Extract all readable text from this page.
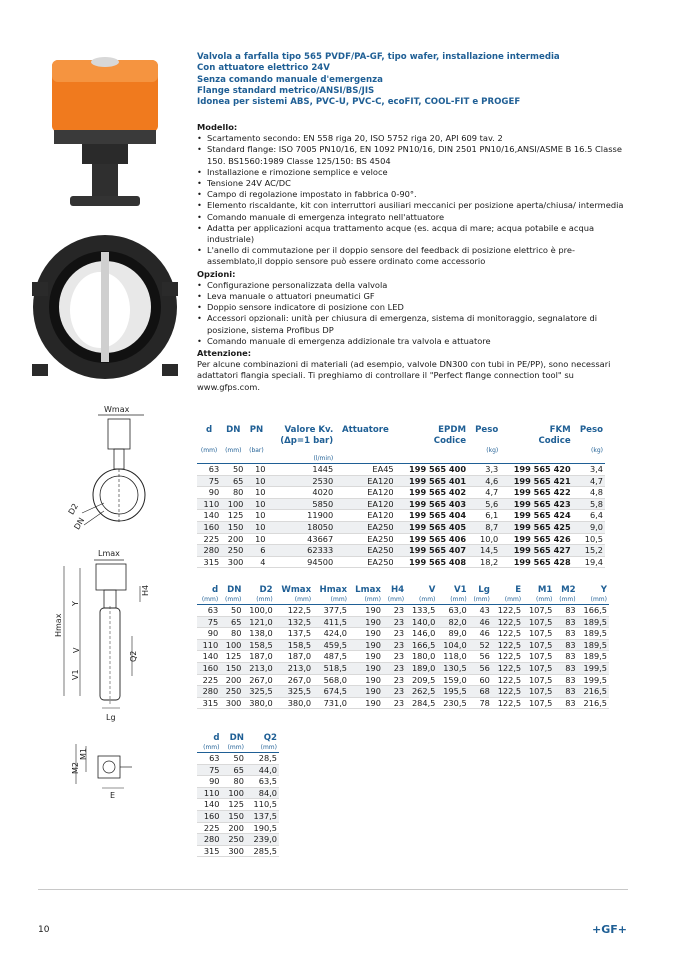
Valvola a farfalla tipo 565 PVDF/PA-GF, tipo wafer, installazione intermedia
Con attuatore elettrico 24V
Senza comando manuale d'emergenza
Flange standard metrico/ANSI/BS/JIS
Idonea per sistemi ABS, PVC-U, PVC-C, ecoFIT, COOL-FIT e PROGEF
Modello:
• Scartamento secondo: EN 558 riga 20, ISO 5752 riga 20, API 609 tav. 2
• Standard flange: ISO 7005 PN10/16, EN 1092 PN10/16, DIN 2501 PN10/16,ANSI/ASME B 16.5 Classe 150. BS1560:1989 Classe 125/150: BS 4504
• Installazione e rimozione semplice e veloce
• Tensione 24V AC/DC
• Campo di regolazione impostato in fabbrica 0-90°.
• Elemento riscaldante, kit con interruttori ausiliari meccanici per posizione aperta/chiusa/ intermedia
• Comando manuale di emergenza integrato nell'attuatore
• Adatta per applicazioni acqua trattamento acque (es. acqua di mare; acqua potabile e acqua industriale)
• L'anello di commutazione per il doppio sensore del feedback di posizione elettrico è pre-assemblato,il doppio sensore può essere ordinato come accessorio
Opzioni:
• Configurazione personalizzata della valvola
• Leva manuale o attuatori pneumatici GF
• Doppio sensore indicatore di posizione con LED
• Accessori opzionali: unità per chiusura di emergenza, sistema di monitoraggio, segnalatore di posizione, sistema Profibus DP
• Comando manuale di emergenza addizionale tra valvola e attuatore
Attenzione:

Per alcune combinazioni di materiali (ad esempio, valvole DN300 con tubi in PE/PP), sono necessari adattatori flangia speciali. Ti preghiamo di controllare il "Perfect flange connection tool" su www.gfps.com.

Wmax
D2
DN
Lmax
Y
H4
Hmax
V
V1
Q2
Lg
M2
M1
E
d	DN	PN	Valore Kv.	Attuatore	EPDM	Peso	FKM	Peso
			(Δp=1 bar)		Codice		Codice	
(mm)	(mm)	(bar)				(kg)		(kg)
			(l/min)					
63	50	10	1445	EA45	199 565 400	3,3	199 565 420	3,4
75	65	10	2530	EA120	199 565 401	4,6	199 565 421	4,7
90	80	10	4020	EA120	199 565 402	4,7	199 565 422	4,8
110	100	10	5850	EA120	199 565 403	5,6	199 565 423	5,8
140	125	10	11900	EA120	199 565 404	6,1	199 565 424	6,4
160	150	10	18050	EA250	199 565 405	8,7	199 565 425	9,0
225	200	10	43667	EA250	199 565 406	10,0	199 565 426	10,5
280	250	6	62333	EA250	199 565 407	14,5	199 565 427	15,2
315	300	4	94500	EA250	199 565 408	18,2	199 565 428	19,4
d	DN	D2	Wmax	Hmax	Lmax	H4	V	V1	Lg	E	M1	M2	Y
(mm)	(mm)	(mm)	(mm)	(mm)	(mm)	(mm)	(mm)	(mm)	(mm)	(mm)	(mm)	(mm)	(mm)
63	50	100,0	122,5	377,5	190	23	133,5	63,0	43	122,5	107,5	83	166,5
75	65	121,0	132,5	411,5	190	23	140,0	82,0	46	122,5	107,5	83	189,5
90	80	138,0	137,5	424,0	190	23	146,0	89,0	46	122,5	107,5	83	189,5
110	100	158,5	158,5	459,5	190	23	166,5	104,0	52	122,5	107,5	83	189,5
140	125	187,0	187,0	487,5	190	23	180,0	118,0	56	122,5	107,5	83	189,5
160	150	213,0	213,0	518,5	190	23	189,0	130,5	56	122,5	107,5	83	199,5
225	200	267,0	267,0	568,0	190	23	209,5	159,0	60	122,5	107,5	83	199,5
280	250	325,5	325,5	674,5	190	23	262,5	195,5	68	122,5	107,5	83	216,5
315	300	380,0	380,0	731,0	190	23	284,5	230,5	78	122,5	107,5	83	216,5
d	DN	Q2
(mm)	(mm)	(mm)
63	50	28,5
75	65	44,0
90	80	63,5
110	100	84,0
140	125	110,5
160	150	137,5
225	200	190,5
280	250	239,0
315	300	285,5
10	+GF+
